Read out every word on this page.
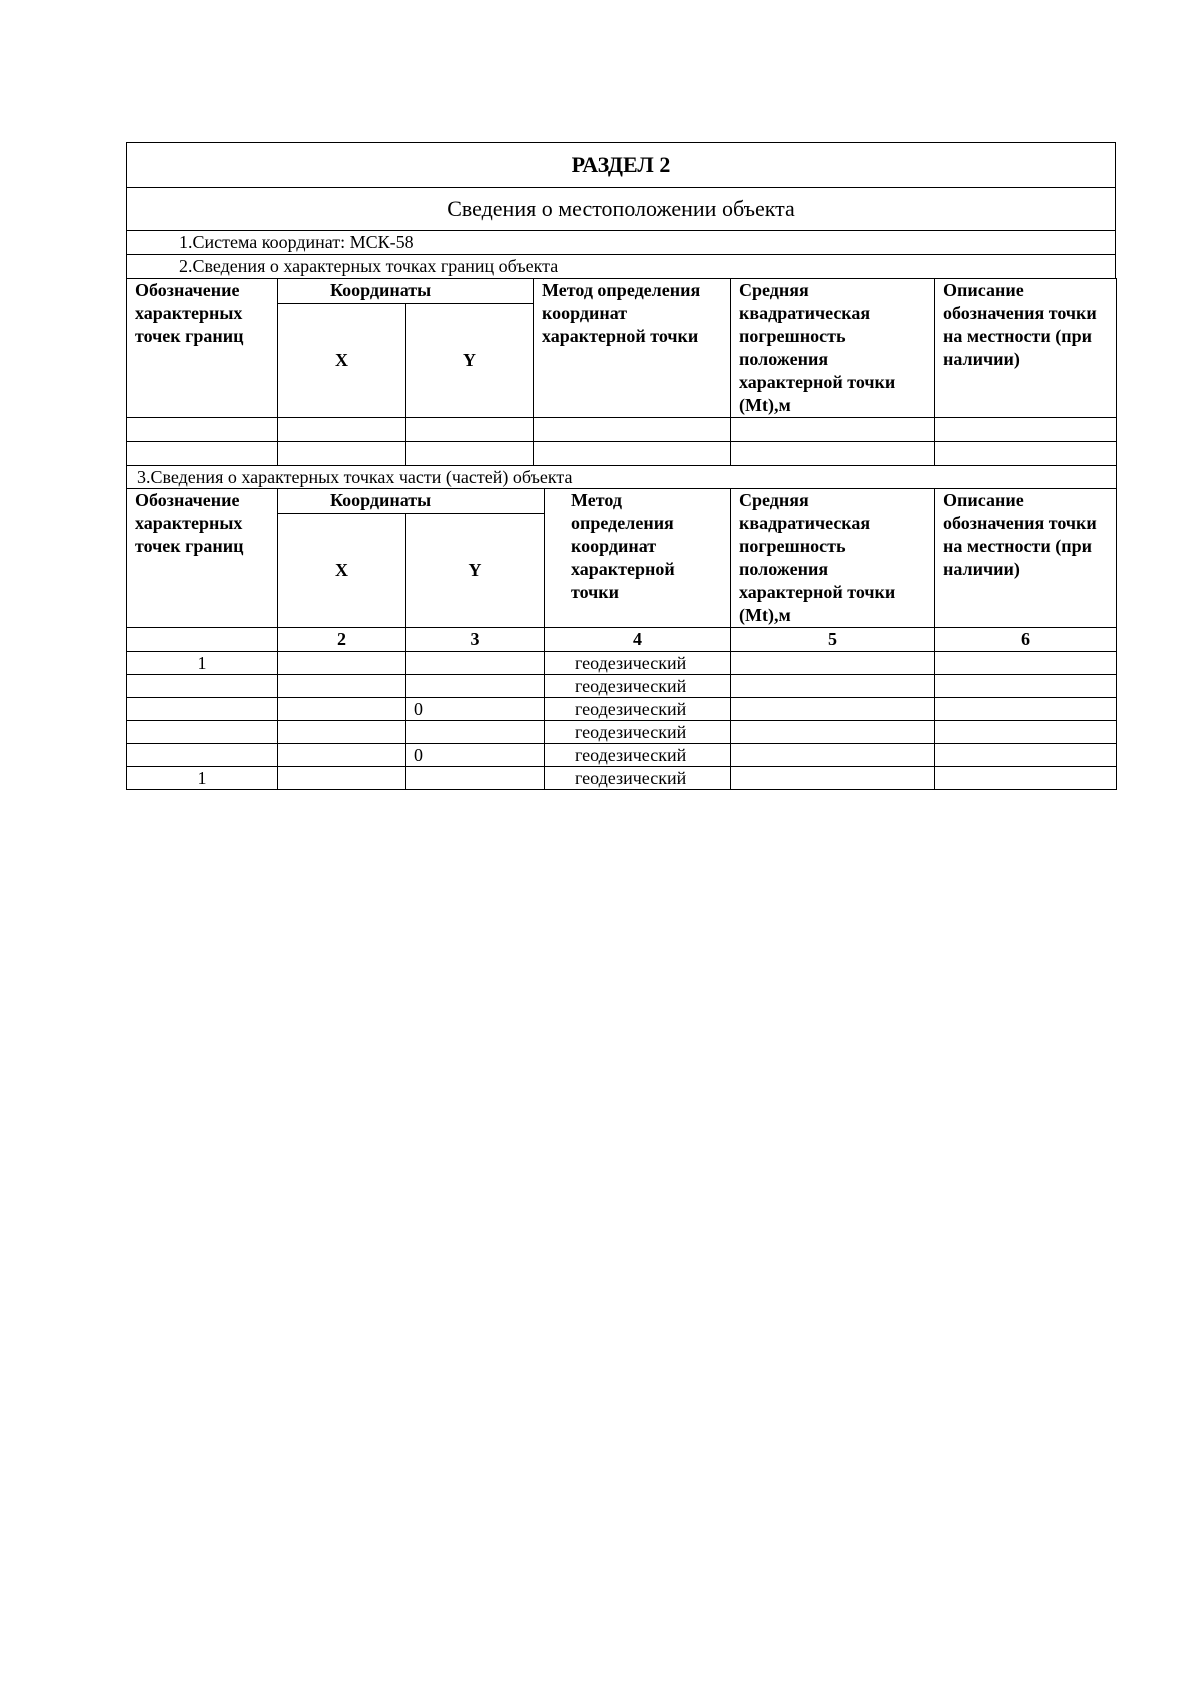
РАЗДЕЛ 2
Сведения о местоположении объекта
1.Система координат: МСК-58
2.Сведения о характерных точках границ объекта
Обозначение характерных точек границ	Координаты		Метод определения координат характерной точки	Средняя квадратическая погрешность положения характерной точки (Mt),м	Описание обозначения точки на местности (при наличии)
	X	Y			

3.Сведения о характерных точках части (частей) объекта					
Обозначение характерных точек границ	Координаты		Метод определения координат характерной точки	Средняя квадратическая погрешность положения характерной точки (Mt),м	Описание обозначения точки на местности (при наличии)
	X	Y			
	2	3	4	5	6
1			геодезический		
			геодезический		
		0	геодезический		
			геодезический		
		0	геодезический		
1			геодезический		
